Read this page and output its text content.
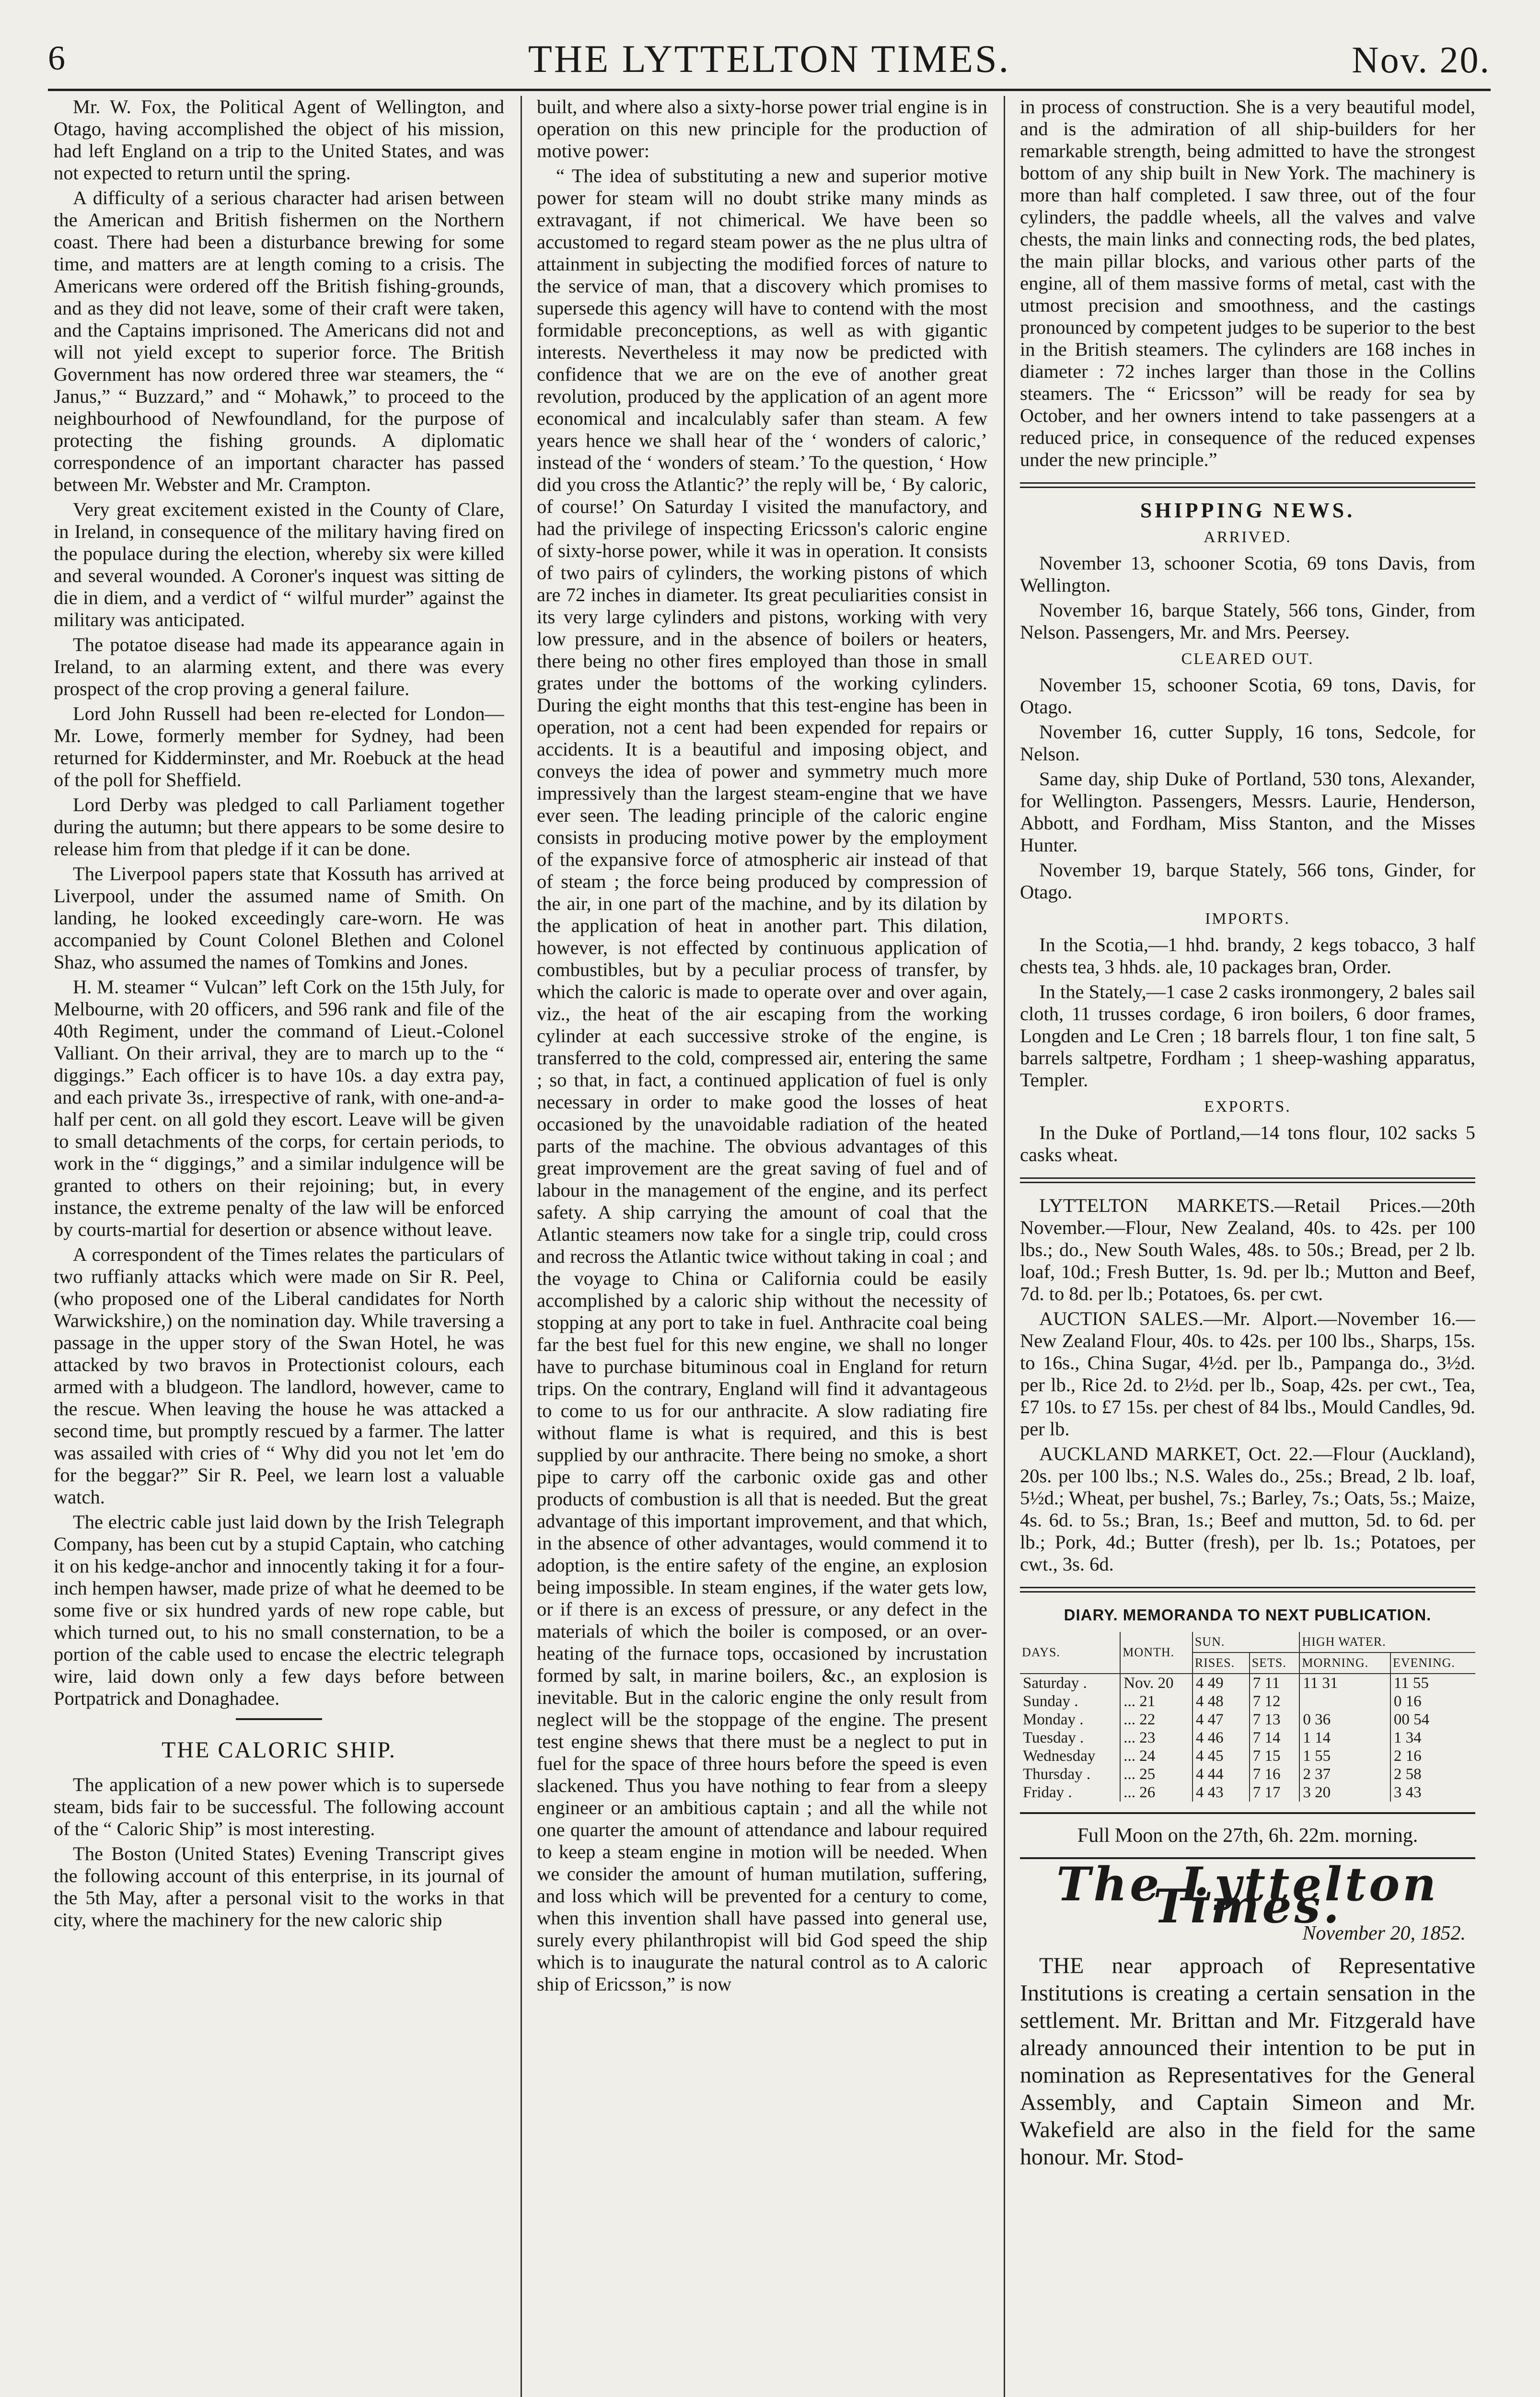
6	THE LYTTELTON TIMES.	Nov. 20.

Mr. W. Fox, the Political Agent of Wellington, and Otago, having accomplished the object of his mission, had left England on a trip to the United States, and was not expected to return until the spring.

A difficulty of a serious character had arisen between the American and British fishermen on the Northern coast. There had been a disturbance brewing for some time, and matters are at length coming to a crisis. The Americans were ordered off the British fishing-grounds, and as they did not leave, some of their craft were taken, and the Captains imprisoned. The Americans did not and will not yield except to superior force. The British Government has now ordered three war steamers, the “ Janus,” “ Buzzard,” and “ Mohawk,” to proceed to the neighbourhood of Newfoundland, for the purpose of protecting the fishing grounds. A diplomatic correspondence of an important character has passed between Mr. Webster and Mr. Crampton.

Very great excitement existed in the County of Clare, in Ireland, in consequence of the military having fired on the populace during the election, whereby six were killed and several wounded. A Coroner's inquest was sitting de die in diem, and a verdict of “ wilful murder” against the military was anticipated.

The potatoe disease had made its appearance again in Ireland, to an alarming extent, and there was every prospect of the crop proving a general failure.

Lord John Russell had been re-elected for London—Mr. Lowe, formerly member for Sydney, had been returned for Kidderminster, and Mr. Roebuck at the head of the poll for Sheffield.

Lord Derby was pledged to call Parliament together during the autumn; but there appears to be some desire to release him from that pledge if it can be done.

The Liverpool papers state that Kossuth has arrived at Liverpool, under the assumed name of Smith. On landing, he looked exceedingly care-worn. He was accompanied by Count Colonel Blethen and Colonel Shaz, who assumed the names of Tomkins and Jones.

H. M. steamer “ Vulcan” left Cork on the 15th July, for Melbourne, with 20 officers, and 596 rank and file of the 40th Regiment, under the command of Lieut.-Colonel Valliant. On their arrival, they are to march up to the “ diggings.” Each officer is to have 10s. a day extra pay, and each private 3s., irrespective of rank, with one-and-a-half per cent. on all gold they escort. Leave will be given to small detachments of the corps, for certain periods, to work in the “ diggings,” and a similar indulgence will be granted to others on their rejoining; but, in every instance, the extreme penalty of the law will be enforced by courts-martial for desertion or absence without leave.

A correspondent of the Times relates the particulars of two ruffianly attacks which were made on Sir R. Peel, (who proposed one of the Liberal candidates for North Warwickshire,) on the nomination day. While traversing a passage in the upper story of the Swan Hotel, he was attacked by two bravos in Protectionist colours, each armed with a bludgeon. The landlord, however, came to the rescue. When leaving the house he was attacked a second time, but promptly rescued by a farmer. The latter was assailed with cries of “ Why did you not let 'em do for the beggar?” Sir R. Peel, we learn lost a valuable watch.

The electric cable just laid down by the Irish Telegraph Company, has been cut by a stupid Captain, who catching it on his kedge-anchor and innocently taking it for a four-inch hempen hawser, made prize of what he deemed to be some five or six hundred yards of new rope cable, but which turned out, to his no small consternation, to be a portion of the cable used to encase the electric telegraph wire, laid down only a few days before between Portpatrick and Donaghadee.

THE CALORIC SHIP.

The application of a new power which is to supersede steam, bids fair to be successful. The following account of the “ Caloric Ship” is most interesting.

The Boston (United States) Evening Transcript gives the following account of this enterprise, in its journal of the 5th May, after a personal visit to the works in that city, where the machinery for the new caloric ship

built, and where also a sixty-horse power trial engine is in operation on this new principle for the production of motive power:

“ The idea of substituting a new and superior motive power for steam will no doubt strike many minds as extravagant, if not chimerical. We have been so accustomed to regard steam power as the ne plus ultra of attainment in subjecting the modified forces of nature to the service of man, that a discovery which promises to supersede this agency will have to contend with the most formidable preconceptions, as well as with gigantic interests. Nevertheless it may now be predicted with confidence that we are on the eve of another great revolution, produced by the application of an agent more economical and incalculably safer than steam. A few years hence we shall hear of the ‘ wonders of caloric,’ instead of the ‘ wonders of steam.’ To the question, ‘ How did you cross the Atlantic?’ the reply will be, ‘ By caloric, of course!’ On Saturday I visited the manufactory, and had the privilege of inspecting Ericsson's caloric engine of sixty-horse power, while it was in operation. It consists of two pairs of cylinders, the working pistons of which are 72 inches in diameter. Its great peculiarities consist in its very large cylinders and pistons, working with very low pressure, and in the absence of boilers or heaters, there being no other fires employed than those in small grates under the bottoms of the working cylinders. During the eight months that this test-engine has been in operation, not a cent had been expended for repairs or accidents. It is a beautiful and imposing object, and conveys the idea of power and symmetry much more impressively than the largest steam-engine that we have ever seen. The leading principle of the caloric engine consists in producing motive power by the employment of the expansive force of atmospheric air instead of that of steam ; the force being produced by compression of the air, in one part of the machine, and by its dilation by the application of heat in another part. This dilation, however, is not effected by continuous application of combustibles, but by a peculiar process of transfer, by which the caloric is made to operate over and over again, viz., the heat of the air escaping from the working cylinder at each successive stroke of the engine, is transferred to the cold, compressed air, entering the same ; so that, in fact, a continued application of fuel is only necessary in order to make good the losses of heat occasioned by the unavoidable radiation of the heated parts of the machine. The obvious advantages of this great improvement are the great saving of fuel and of labour in the management of the engine, and its perfect safety. A ship carrying the amount of coal that the Atlantic steamers now take for a single trip, could cross and recross the Atlantic twice without taking in coal ; and the voyage to China or California could be easily accomplished by a caloric ship without the necessity of stopping at any port to take in fuel. Anthracite coal being far the best fuel for this new engine, we shall no longer have to purchase bituminous coal in England for return trips. On the contrary, England will find it advantageous to come to us for our anthracite. A slow radiating fire without flame is what is required, and this is best supplied by our anthracite. There being no smoke, a short pipe to carry off the carbonic oxide gas and other products of combustion is all that is needed. But the great advantage of this important improvement, and that which, in the absence of other advantages, would commend it to adoption, is the entire safety of the engine, an explosion being impossible. In steam engines, if the water gets low, or if there is an excess of pressure, or any defect in the materials of which the boiler is composed, or an over-heating of the furnace tops, occasioned by incrustation formed by salt, in marine boilers, &c., an explosion is inevitable. But in the caloric engine the only result from neglect will be the stoppage of the engine. The present test engine shews that there must be a neglect to put in fuel for the space of three hours before the speed is even slackened. Thus you have nothing to fear from a sleepy engineer or an ambitious captain ; and all the while not one quarter the amount of attendance and labour required to keep a steam engine in motion will be needed. When we consider the amount of human mutilation, suffering, and loss which will be prevented for a century to come, when this invention shall have passed into general use, surely every philanthropist will bid God speed the ship which is to inaugurate the natural control as to A caloric ship of Ericsson,” is now

in process of construction. She is a very beautiful model, and is the admiration of all ship-builders for her remarkable strength, being admitted to have the strongest bottom of any ship built in New York. The machinery is more than half completed. I saw three, out of the four cylinders, the paddle wheels, all the valves and valve chests, the main links and connecting rods, the bed plates, the main pillar blocks, and various other parts of the engine, all of them massive forms of metal, cast with the utmost precision and smoothness, and the castings pronounced by competent judges to be superior to the best in the British steamers. The cylinders are 168 inches in diameter : 72 inches larger than those in the Collins steamers. The “ Ericsson” will be ready for sea by October, and her owners intend to take passengers at a reduced price, in consequence of the reduced expenses under the new principle.”

SHIPPING NEWS.
ARRIVED.

November 13, schooner Scotia, 69 tons Davis, from Wellington.

November 16, barque Stately, 566 tons, Ginder, from Nelson. Passengers, Mr. and Mrs. Peersey.

CLEARED OUT.

November 15, schooner Scotia, 69 tons, Davis, for Otago.

November 16, cutter Supply, 16 tons, Sedcole, for Nelson.

Same day, ship Duke of Portland, 530 tons, Alexander, for Wellington. Passengers, Messrs. Laurie, Henderson, Abbott, and Fordham, Miss Stanton, and the Misses Hunter.

November 19, barque Stately, 566 tons, Ginder, for Otago.

IMPORTS.

In the Scotia,—1 hhd. brandy, 2 kegs tobacco, 3 half chests tea, 3 hhds. ale, 10 packages bran, Order.

In the Stately,—1 case 2 casks ironmongery, 2 bales sail cloth, 11 trusses cordage, 6 iron boilers, 6 door frames, Longden and Le Cren ; 18 barrels flour, 1 ton fine salt, 5 barrels saltpetre, Fordham ; 1 sheep-washing apparatus, Templer.

EXPORTS.

In the Duke of Portland,—14 tons flour, 102 sacks 5 casks wheat.

LYTTELTON MARKETS.—Retail Prices.—20th November.—Flour, New Zealand, 40s. to 42s. per 100 lbs.; do., New South Wales, 48s. to 50s.; Bread, per 2 lb. loaf, 10d.; Fresh Butter, 1s. 9d. per lb.; Mutton and Beef, 7d. to 8d. per lb.; Potatoes, 6s. per cwt.

AUCTION SALES.—Mr. Alport.—November 16.—New Zealand Flour, 40s. to 42s. per 100 lbs., Sharps, 15s. to 16s., China Sugar, 4½d. per lb., Pampanga do., 3½d. per lb., Rice 2d. to 2½d. per lb., Soap, 42s. per cwt., Tea, £7 10s. to £7 15s. per chest of 84 lbs., Mould Candles, 9d. per lb.

AUCKLAND MARKET, Oct. 22.—Flour (Auckland), 20s. per 100 lbs.; N.S. Wales do., 25s.; Bread, 2 lb. loaf, 5½d.; Wheat, per bushel, 7s.; Barley, 7s.; Oats, 5s.; Maize, 4s. 6d. to 5s.; Bran, 1s.; Beef and mutton, 5d. to 6d. per lb.; Pork, 4d.; Butter (fresh), per lb. 1s.; Potatoes, per cwt., 3s. 6d.

DIARY. MEMORANDA TO NEXT PUBLICATION.
DAYS.	MONTH.	SUN.		HIGH WATER.	
		RISES.	SETS.	MORNING.	EVENING.
Saturday .	Nov. 20	4 49	7 11	11 31	11 55
Sunday .	... 21	4 48	7 12		0 16
Monday .	... 22	4 47	7 13	0 36	00 54
Tuesday .	... 23	4 46	7 14	1 14	1 34
Wednesday	... 24	4 45	7 15	1 55	2 16
Thursday .	... 25	4 44	7 16	2 37	2 58
Friday .	... 26	4 43	7 17	3 20	3 43
Full Moon on the 27th, 6h. 22m. morning.
The Lyttelton Times.
November 20, 1852.

THE near approach of Representative Institutions is creating a certain sensation in the settlement. Mr. Brittan and Mr. Fitzgerald have already announced their intention to be put in nomination as Representatives for the General Assembly, and Captain Simeon and Mr. Wakefield are also in the field for the same honour. Mr. Stod-
